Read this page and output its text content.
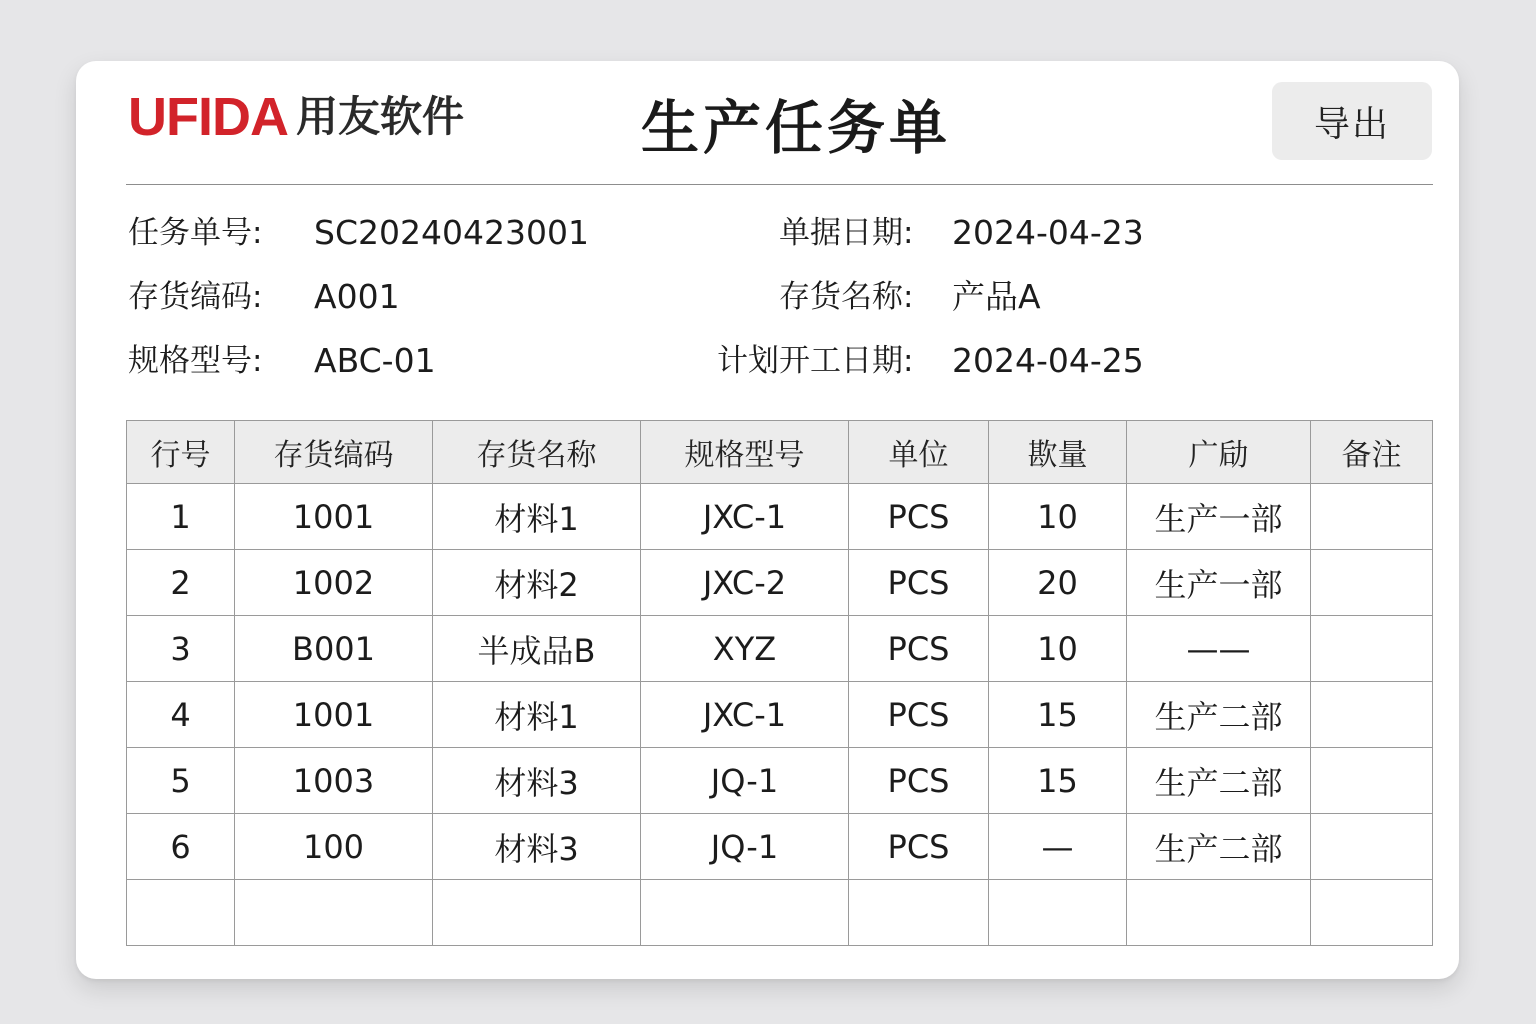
UFIDA 用友软件	生产任务单	导出
任务单号: SC20240423001	单据日期: 2024-04-23
存货缟码: A001	存货名称: 产品A
规格型号: ABC-01	计划开工日期: 2024-04-25
行号	存货缟码	存货名称	规格型号	单位	歁量	广劶	备注
1	1001	材料1	JXC-1	PCS	10	生产一部	
2	1002	材料2	JXC-2	PCS	20	生产一部	
3	B001	半成品B	XYZ	PCS	10	——	
4	1001	材料1	JXC-1	PCS	15	生产二部	
5	1003	材料3	JQ-1	PCS	15	生产二部	
6	100	材料3	JQ-1	PCS	—	生产二部	
